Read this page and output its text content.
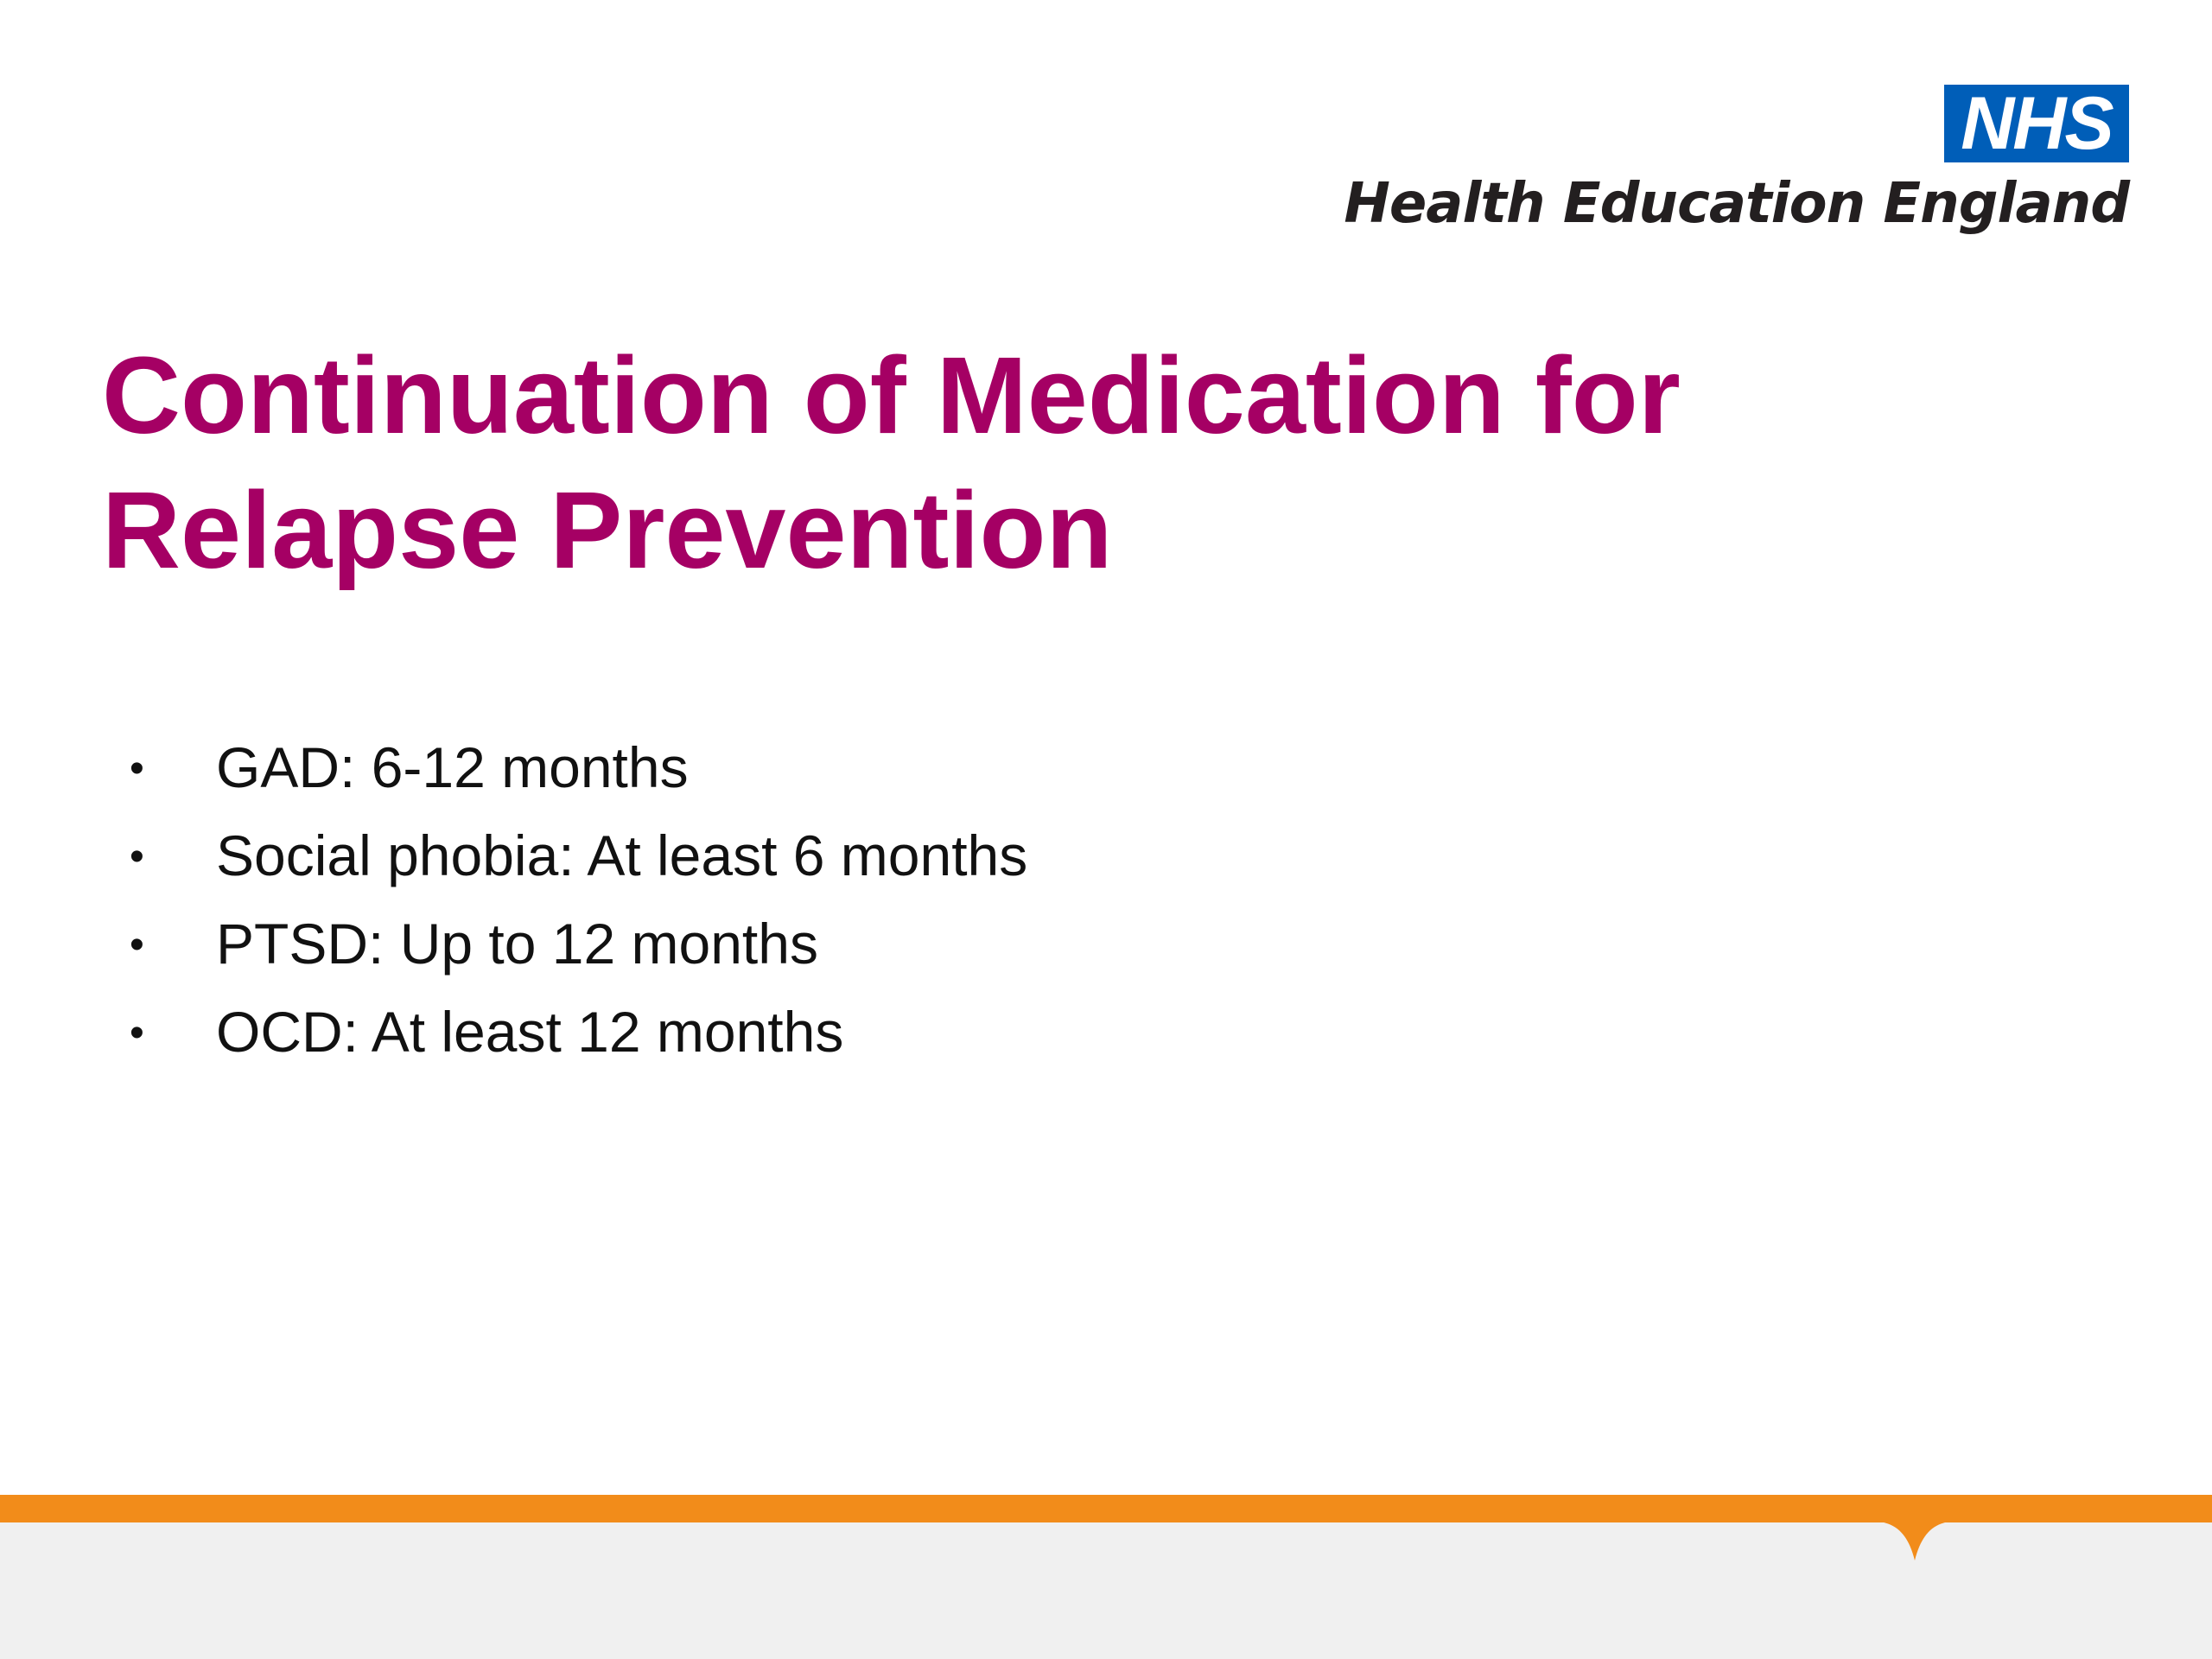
NHS
Health Education England
Continuation of Medication for
Relapse Prevention
•	GAD: 6-12 months
•	Social phobia: At least 6 months
•	PTSD: Up to 12 months
•	OCD: At least 12 months
